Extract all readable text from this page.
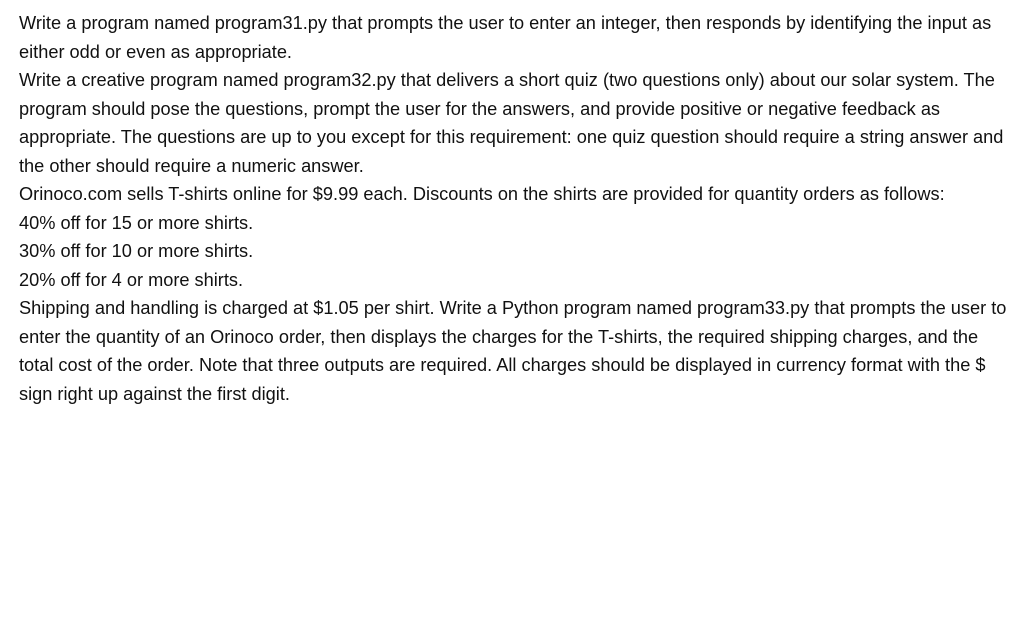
Write a program named program31.py that prompts the user to enter an integer, then responds by identifying the input as either odd or even as appropriate.

Write a creative program named program32.py that delivers a short quiz (two questions only) about our solar system. The program should pose the questions, prompt the user for the answers, and provide positive or negative feedback as appropriate. The questions are up to you except for this requirement: one quiz question should require a string answer and the other should require a numeric answer.

Orinoco.com sells T-shirts online for $9.99 each. Discounts on the shirts are provided for quantity orders as follows:

40% off for 15 or more shirts.

30% off for 10 or more shirts.

20% off for 4 or more shirts.

Shipping and handling is charged at $1.05 per shirt. Write a Python program named program33.py that prompts the user to enter the quantity of an Orinoco order, then displays the charges for the T-shirts, the required shipping charges, and the total cost of the order. Note that three outputs are required. All charges should be displayed in currency format with the $ sign right up against the first digit.
